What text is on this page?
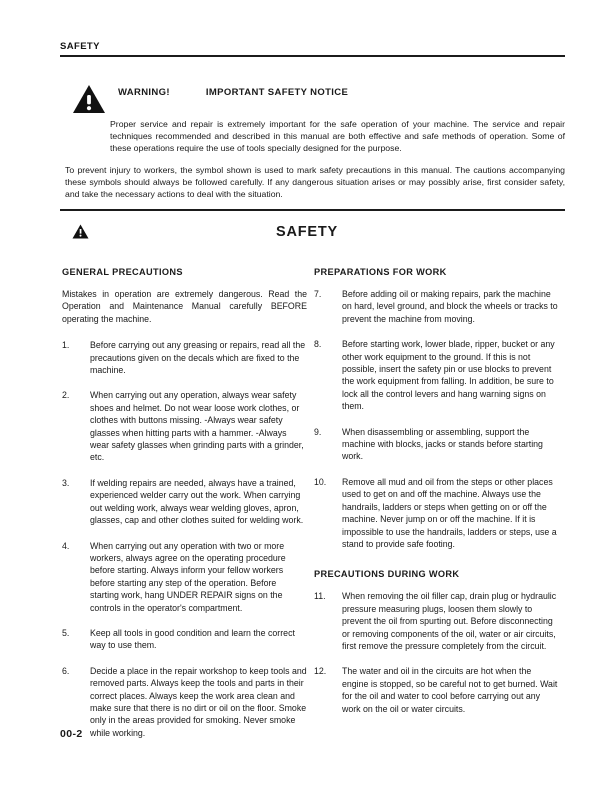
SAFETY
WARNING!	IMPORTANT SAFETY NOTICE
Proper service and repair is extremely important for the safe operation of your machine. The service and repair techniques recommended and described in this manual are both effective and safe methods of operation. Some of these operations require the use of tools specially designed for the purpose.
To prevent injury to workers, the symbol shown is used to mark safety precautions in this manual. The cautions accompanying these symbols should always be followed carefully. If any dangerous situation arises or may possibly arise, first consider safety, and take the necessary actions to deal with the situation.
SAFETY
GENERAL PRECAUTIONS
Mistakes in operation are extremely dangerous. Read the Operation and Maintenance Manual carefully BEFORE operating the machine.
1.	Before carrying out any greasing or repairs, read all the precautions given on the decals which are fixed to the machine.
2.	When carrying out any operation, always wear safety shoes and helmet. Do not wear loose work clothes, or clothes with buttons missing. -Always wear safety glasses when hitting parts with a hammer. -Always wear safety glasses when grinding parts with a grinder, etc.
3.	If welding repairs are needed, always have a trained, experienced welder carry out the work. When carrying out welding work, always wear welding gloves, apron, glasses, cap and other clothes suited for welding work.
4.	When carrying out any operation with two or more workers, always agree on the operating procedure before starting. Always inform your fellow workers before starting any step of the operation. Before starting work, hang UNDER REPAIR signs on the controls in the operator's compartment.
5.	Keep all tools in good condition and learn the correct way to use them.
6.	Decide a place in the repair workshop to keep tools and removed parts. Always keep the tools and parts in their correct places. Always keep the work area clean and make sure that there is no dirt or oil on the floor. Smoke only in the areas provided for smoking. Never smoke while working.
PREPARATIONS FOR WORK
7.	Before adding oil or making repairs, park the machine on hard, level ground, and block the wheels or tracks to prevent the machine from moving.
8.	Before starting work, lower blade, ripper, bucket or any other work equipment to the ground. If this is not possible, insert the safety pin or use blocks to prevent the work equipment from falling. In addition, be sure to lock all the control levers and hang warning signs on them.
9.	When disassembling or assembling, support the machine with blocks, jacks or stands before starting work.
10.	Remove all mud and oil from the steps or other places used to get on and off the machine. Always use the handrails, ladders or steps when getting on or off the machine. Never jump on or off the machine. If it is impossible to use the handrails, ladders or steps, use a stand to provide safe footing.
PRECAUTIONS DURING WORK
11.	When removing the oil filler cap, drain plug or hydraulic pressure measuring plugs, loosen them slowly to prevent the oil from spurting out. Before disconnecting or removing components of the oil, water or air circuits, first remove the pressure completely from the circuit.
12.	The water and oil in the circuits are hot when the engine is stopped, so be careful not to get burned. Wait for the oil and water to cool before carrying out any work on the oil or water circuits.
00-2
